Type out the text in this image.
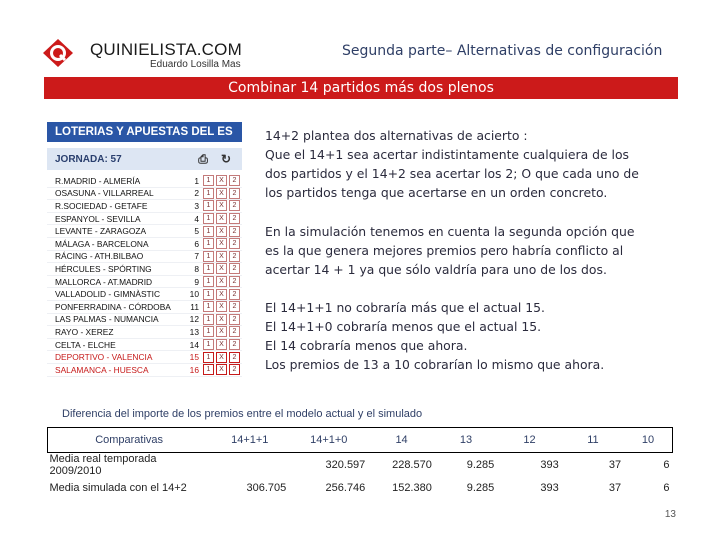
QUINIELISTA.COM
Eduardo Losilla Mas
Segunda parte– Alternativas de configuración
Combinar 14 partidos más dos plenos
LOTERIAS Y APUESTAS DEL ES
JORNADA: 57	⎙ ↻
R.MADRID - ALMERÍA	1	1	X	2
OSASUNA - VILLARREAL	2	1	X	2
R.SOCIEDAD - GETAFE	3	1	X	2
ESPANYOL - SEVILLA	4	1	X	2
LEVANTE - ZARAGOZA	5	1	X	2
MÁLAGA - BARCELONA	6	1	X	2
RÁCING - ATH.BILBAO	7	1	X	2
HÉRCULES - SPÓRTING	8	1	X	2
MALLORCA - AT.MADRID	9	1	X	2
VALLADOLID - GIMNÀSTIC	10	1	X	2
PONFERRADINA - CÓRDOBA	11	1	X	2
LAS PALMAS - NUMANCIA	12	1	X	2
RAYO - XEREZ	13	1	X	2
CELTA - ELCHE	14	1	X	2
DEPORTIVO - VALENCIA	15	1	X	2
SALAMANCA - HUESCA	16	1	X	2

14+2 plantea dos alternativas de acierto :

Que el 14+1 sea acertar indistintamente cualquiera de los

dos partidos y el 14+2 sea acertar los 2; O que cada uno de

los partidos tenga que acertarse en un orden concreto.

En la simulación tenemos en cuenta la segunda opción que

es la que genera mejores premios pero habría conflicto al

acertar 14 + 1 ya que sólo valdría para uno de los dos.

El 14+1+1 no cobraría más que el actual 15.

El 14+1+0 cobraría menos que el actual 15.

El 14 cobraría menos que ahora.

Los premios de 13 a 10 cobrarían lo mismo que ahora.

Diferencia del importe de los premios entre el modelo actual y el simulado
Comparativas	14+1+1	14+1+0	14	13	12	11	10
Media real temporada 2009/2010		320.597	228.570	9.285	393	37	6
Media simulada con el 14+2	306.705	256.746	152.380	9.285	393	37	6
13
